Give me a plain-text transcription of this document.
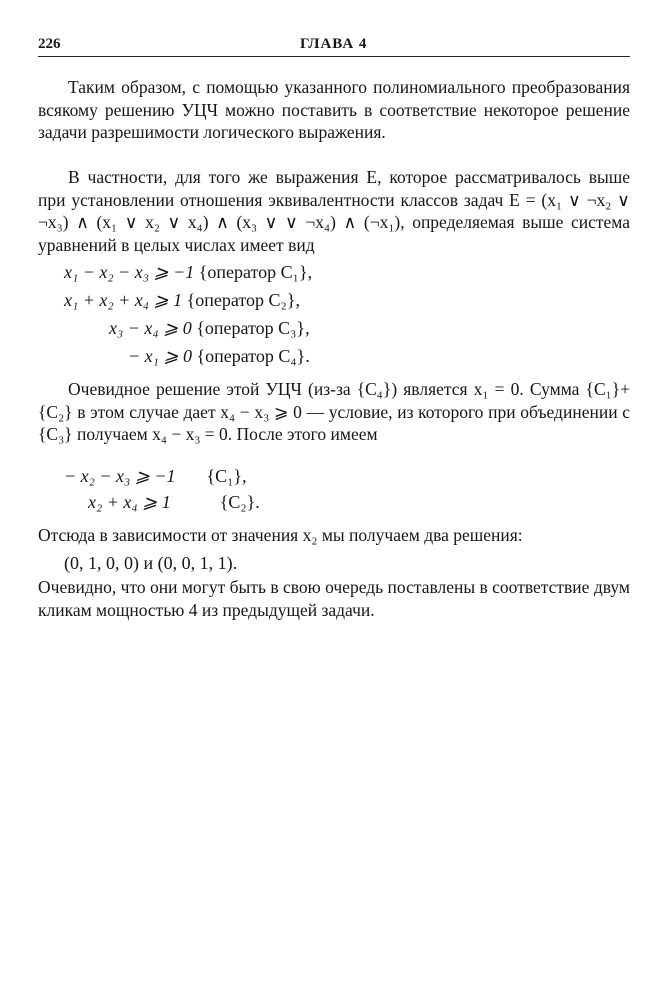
226	ГЛАВА 4
Таким образом, с помощью указанного полиномиального преобразования всякому решению УЦЧ можно поставить в соответствие некоторое решение задачи разрешимости логического выражения.
В частности, для того же выражения E, которое рассматривалось выше при установлении отношения эквивалентности классов задач E = (x₁ ∨ ¬x₂ ∨ ¬x₃) ∧ (x₁ ∨ x₂ ∨ x₄) ∧ (x₃ ∨ ∨ ¬x₄) ∧ (¬x₁), определяемая выше система уравнений в целых числах имеет вид
x₁ − x₂ − x₃ ⩾ −1 {оператор C₁},
x₁ + x₂ + x₄ ⩾ 1 {оператор C₂},
x₃ − x₄ ⩾ 0 {оператор C₃},
− x₁ ⩾ 0 {оператор C₄}.
Очевидное решение этой УЦЧ (из-за {C₄}) является x₁ = 0. Сумма {C₁}+{C₂} в этом случае дает x₄ − x₃ ⩾ 0 — условие, из которого при объединении с {C₃} получаем x₄ − x₃ = 0. После этого имеем
− x₂ − x₃ ⩾ −1 {C₁},
x₂ + x₄ ⩾ 1	{C₂}.
Отсюда в зависимости от значения x₂ мы получаем два решения:
(0, 1, 0, 0) и (0, 0, 1, 1).
Очевидно, что они могут быть в свою очередь поставлены в соответствие двум кликам мощностью 4 из предыдущей задачи.
